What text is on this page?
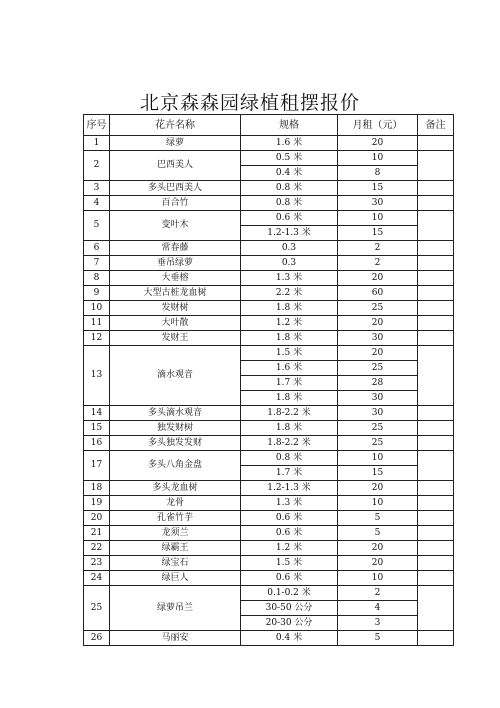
北京森森园绿植租摆报价
序号	花卉名称	规格	月租（元）	备注
1	绿萝	1.6 米	20	
2	巴西美人	0.5 米	10	
		0.4 米	8	
3	多头巴西美人	0.8 米	15	
4	百合竹	0.8 米	30	
5	变叶木	0.6 米	10	
		1.2-1.3 米	15	
6	常春藤	0.3	2	
7	垂吊绿萝	0.3	2	
8	大垂榕	1.3 米	20	
9	大型古桩龙血树	2.2 米	60	
10	发财树	1.8 米	25	
11	大叶散	1.2 米	20	
12	发财王	1.8 米	30	
13	滴水观音	1.5 米	20	
		1.6 米	25	
		1.7 米	28	
		1.8 米	30	
14	多头滴水观音	1.8-2.2 米	30	
15	独发财树	1.8 米	25	
16	多头独发发财	1.8-2.2 米	25	
17	多头八角金盘	0.8 米	10	
		1.7 米	15	
18	多头龙血树	1.2-1.3 米	20	
19	龙骨	1.3 米	10	
20	孔雀竹芋	0.6 米	5	
21	龙须兰	0.6 米	5	
22	绿霸王	1.2 米	20	
23	绿宝石	1.5 米	20	
24	绿巨人	0.6 米	10	
25	绿萝吊兰	0.1-0.2 米	2	
		30-50 公分	4	
		20-30 公分	3	
26	马丽安	0.4 米	5	
